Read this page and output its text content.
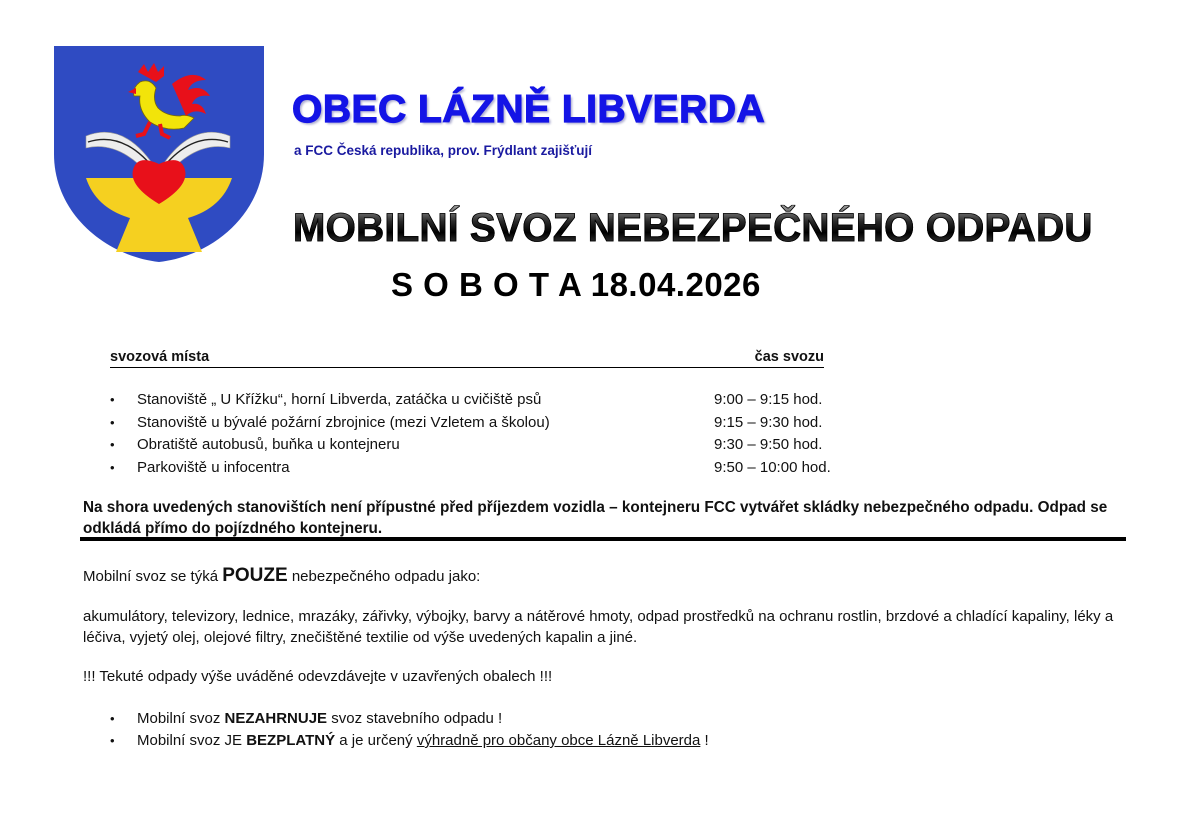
OBEC LÁZNĚ LIBVERDA
a FCC Česká republika, prov. Frýdlant zajišťují
MOBILNÍ SVOZ NEBEZPEČNÉHO ODPADU
S O B O T A 18.04.2026
svozová místa	čas svozu
• Stanoviště „ U Křížku“, horní Libverda, zatáčka u cvičiště psů	9:00 – 9:15 hod.
• Stanoviště u bývalé požární zbrojnice (mezi Vzletem a školou)	9:15 – 9:30 hod.
• Obratiště autobusů, buňka u kontejneru	9:30 – 9:50 hod.
• Parkoviště u infocentra	9:50 – 10:00 hod.
Na shora uvedených stanovištích není přípustné před příjezdem vozidla – kontejneru FCC vytvářet skládky nebezpečného odpadu. Odpad se odkládá přímo do pojízdného kontejneru.
Mobilní svoz se týká POUZE nebezpečného odpadu jako:
akumulátory, televizory, lednice, mrazáky, zářivky, výbojky, barvy a nátěrové hmoty, odpad prostředků na ochranu rostlin, brzdové a chladící kapaliny, léky a léčiva, vyjetý olej, olejové filtry, znečištěné textilie od výše uvedených kapalin a jiné.
!!! Tekuté odpady výše uváděné odevzdávejte v uzavřených obalech !!!
• Mobilní svoz NEZAHRNUJE svoz stavebního odpadu !
• Mobilní svoz JE BEZPLATNÝ a je určený výhradně pro občany obce Lázně Libverda !
